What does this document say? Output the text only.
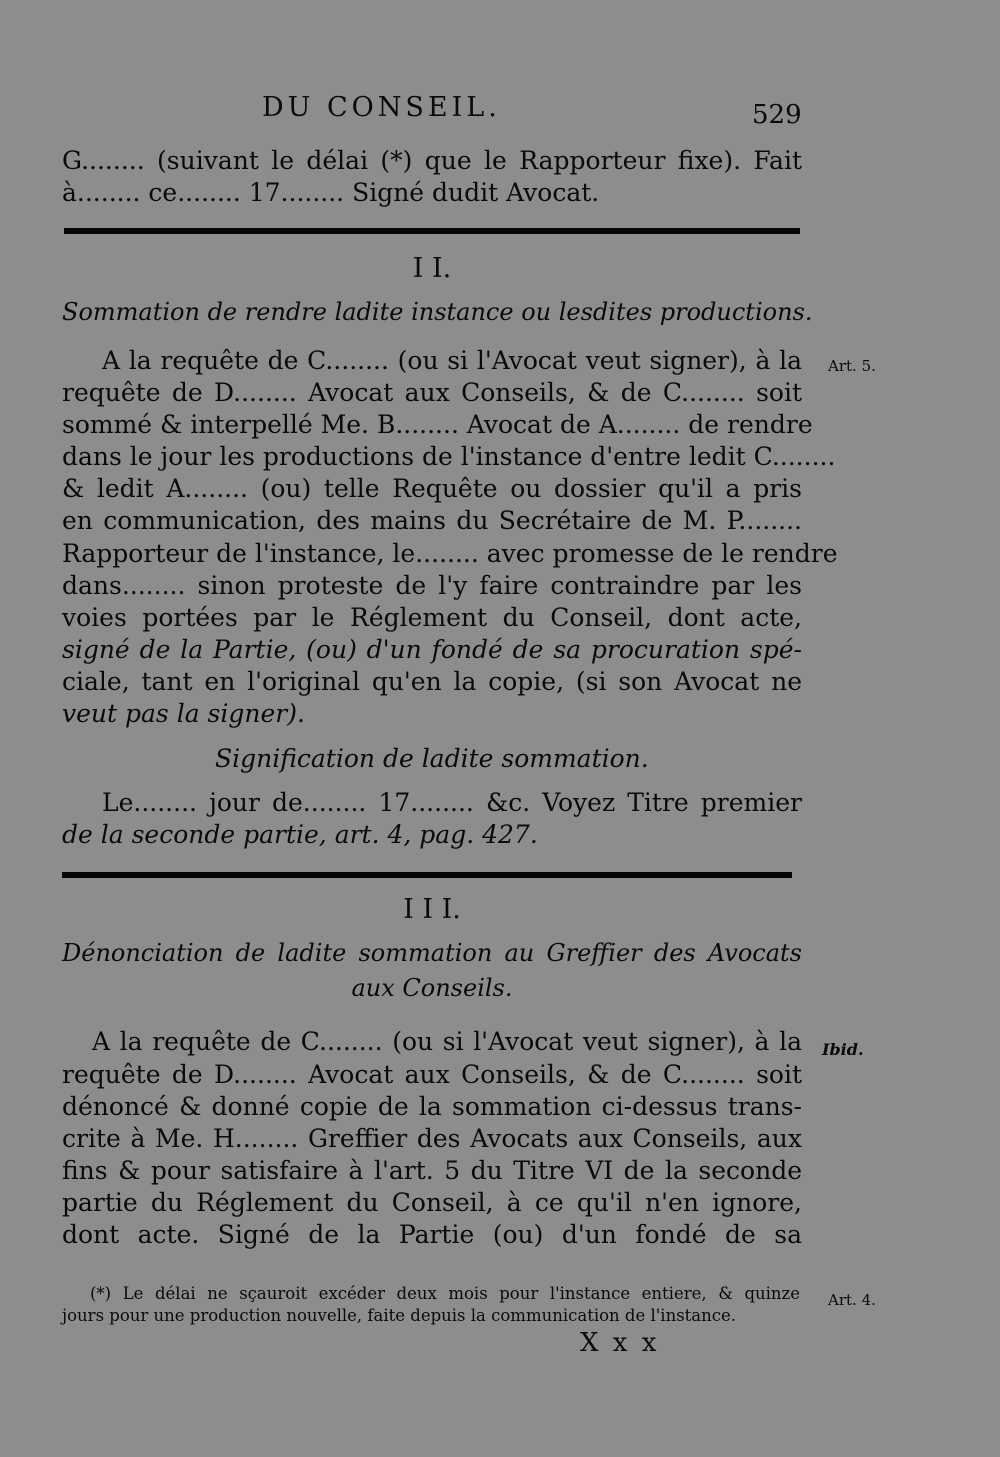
DU CONSEIL.	529
G........ (suivant le délai (*) que le Rapporteur fixe). Fait
à........ ce........ 17........ Signé dudit Avocat.
I I.
Sommation de rendre ladite instance ou lesdites productions.
Art. 5.
A la requête de C........ (ou si l'Avocat veut signer), à la
requête de D........ Avocat aux Conseils, & de C........ soit
sommé & interpellé Me. B........ Avocat de A........ de rendre
dans le jour les productions de l'instance d'entre ledit C........
& ledit A........ (ou) telle Requête ou dossier qu'il a pris
en communication, des mains du Secrétaire de M. P........
Rapporteur de l'instance, le........ avec promesse de le rendre
dans........ sinon proteste de l'y faire contraindre par les
voies portées par le Réglement du Conseil, dont acte,
signé de la Partie, (ou) d'un fondé de sa procuration spé-
ciale, tant en l'original qu'en la copie, (si son Avocat ne
veut pas la signer).
Signification de ladite sommation.
Le........ jour de........ 17........ &c. Voyez Titre premier
de la seconde partie, art. 4, pag. 427.
I I I.
Dénonciation de ladite sommation au Greffier des Avocats
aux Conseils.
Ibid.
A la requête de C........ (ou si l'Avocat veut signer), à la
requête de D........ Avocat aux Conseils, & de C........ soit
dénoncé & donné copie de la sommation ci-dessus trans-
crite à Me. H........ Greffier des Avocats aux Conseils, aux
fins & pour satisfaire à l'art. 5 du Titre VI de la seconde
partie du Réglement du Conseil, à ce qu'il n'en ignore,
dont acte. Signé de la Partie (ou) d'un fondé de sa
(*) Le délai ne sçauroit excéder deux mois pour l'instance entiere, & quinze
jours pour une production nouvelle, faite depuis la communication de l'instance.
Art. 4.
X x x
